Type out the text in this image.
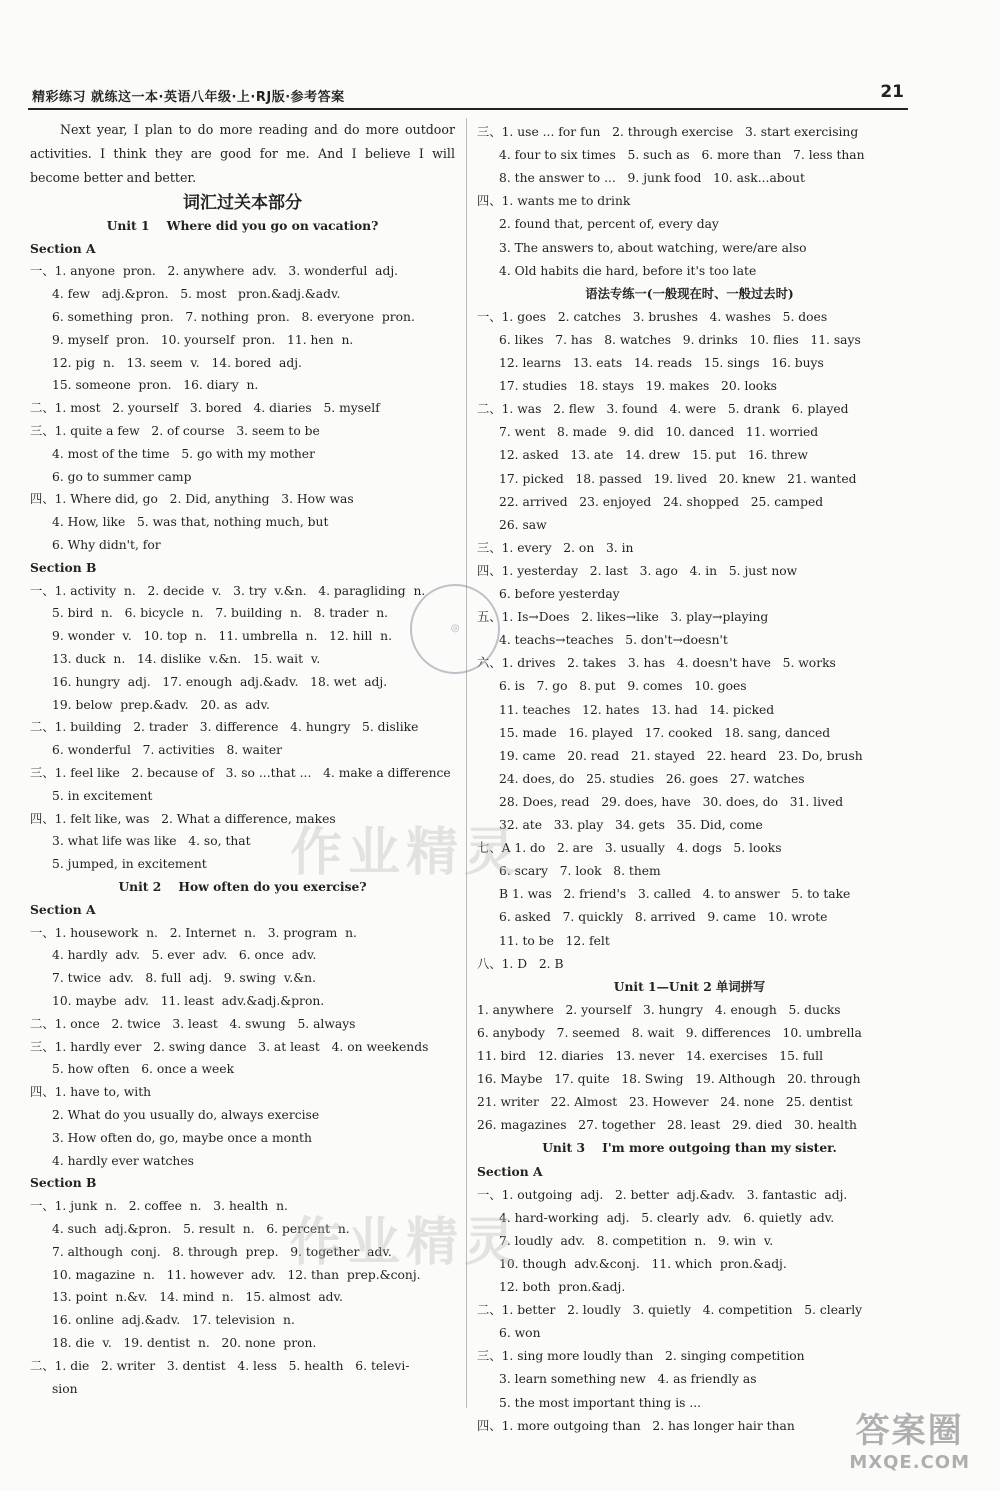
精彩练习 就练这一本·英语八年级·上·RJ版·参考答案	21
Next year, I plan to do more reading and do more outdoor activities. I think they are good for me. And I believe I will become better and better.
词汇过关本部分
Unit 1    Where did you go on vacation?
Section A
一、1. anyone  pron.   2. anywhere  adv.   3. wonderful  adj.
4. few   adj.&pron.   5. most   pron.&adj.&adv.
6. something  pron.   7. nothing  pron.   8. everyone  pron.
9. myself  pron.   10. yourself  pron.   11. hen  n.
12. pig  n.   13. seem  v.   14. bored  adj.
15. someone  pron.   16. diary  n.
二、1. most   2. yourself   3. bored   4. diaries   5. myself
三、1. quite a few   2. of course   3. seem to be
4. most of the time   5. go with my mother
6. go to summer camp
四、1. Where did, go   2. Did, anything   3. How was
4. How, like   5. was that, nothing much, but
6. Why didn't, for
Section B
一、1. activity  n.   2. decide  v.   3. try  v.&n.   4. paragliding  n.
5. bird  n.   6. bicycle  n.   7. building  n.   8. trader  n.
9. wonder  v.   10. top  n.   11. umbrella  n.   12. hill  n.
13. duck  n.   14. dislike  v.&n.   15. wait  v.
16. hungry  adj.   17. enough  adj.&adv.   18. wet  adj.
19. below  prep.&adv.   20. as  adv.
二、1. building   2. trader   3. difference   4. hungry   5. dislike
6. wonderful   7. activities   8. waiter
三、1. feel like   2. because of   3. so ...that ...   4. make a difference
5. in excitement
四、1. felt like, was   2. What a difference, makes
3. what life was like   4. so, that
5. jumped, in excitement
Unit 2    How often do you exercise?
Section A
一、1. housework  n.   2. Internet  n.   3. program  n.
4. hardly  adv.   5. ever  adv.   6. once  adv.
7. twice  adv.   8. full  adj.   9. swing  v.&n.
10. maybe  adv.   11. least  adv.&adj.&pron.
二、1. once   2. twice   3. least   4. swung   5. always
三、1. hardly ever   2. swing dance   3. at least   4. on weekends
5. how often   6. once a week
四、1. have to, with
2. What do you usually do, always exercise
3. How often do, go, maybe once a month
4. hardly ever watches
Section B
一、1. junk  n.   2. coffee  n.   3. health  n.
4. such  adj.&pron.   5. result  n.   6. percent  n.
7. although  conj.   8. through  prep.   9. together  adv.
10. magazine  n.   11. however  adv.   12. than  prep.&conj.
13. point  n.&v.   14. mind  n.   15. almost  adv.
16. online  adj.&adv.   17. television  n.
18. die  v.   19. dentist  n.   20. none  pron.
二、1. die   2. writer   3. dentist   4. less   5. health   6. televi-
sion
三、1. use ... for fun   2. through exercise   3. start exercising
4. four to six times   5. such as   6. more than   7. less than
8. the answer to ...   9. junk food   10. ask...about
四、1. wants me to drink
2. found that, percent of, every day
3. The answers to, about watching, were/are also
4. Old habits die hard, before it's too late
语法专练一(一般现在时、一般过去时)
一、1. goes   2. catches   3. brushes   4. washes   5. does
6. likes   7. has   8. watches   9. drinks   10. flies   11. says
12. learns   13. eats   14. reads   15. sings   16. buys
17. studies   18. stays   19. makes   20. looks
二、1. was   2. flew   3. found   4. were   5. drank   6. played
7. went   8. made   9. did   10. danced   11. worried
12. asked   13. ate   14. drew   15. put   16. threw
17. picked   18. passed   19. lived   20. knew   21. wanted
22. arrived   23. enjoyed   24. shopped   25. camped
26. saw
三、1. every   2. on   3. in
四、1. yesterday   2. last   3. ago   4. in   5. just now
6. before yesterday
五、1. Is→Does   2. likes→like   3. play→playing
4. teachs→teaches   5. don't→doesn't
六、1. drives   2. takes   3. has   4. doesn't have   5. works
6. is   7. go   8. put   9. comes   10. goes
11. teaches   12. hates   13. had   14. picked
15. made   16. played   17. cooked   18. sang, danced
19. came   20. read   21. stayed   22. heard   23. Do, brush
24. does, do   25. studies   26. goes   27. watches
28. Does, read   29. does, have   30. does, do   31. lived
32. ate   33. play   34. gets   35. Did, come
七、A 1. do   2. are   3. usually   4. dogs   5. looks
6. scary   7. look   8. them
B 1. was   2. friend's   3. called   4. to answer   5. to take
6. asked   7. quickly   8. arrived   9. came   10. wrote
11. to be   12. felt
八、1. D   2. B
Unit 1—Unit 2 单词拼写
1. anywhere   2. yourself   3. hungry   4. enough   5. ducks
6. anybody   7. seemed   8. wait   9. differences   10. umbrella
11. bird   12. diaries   13. never   14. exercises   15. full
16. Maybe   17. quite   18. Swing   19. Although   20. through
21. writer   22. Almost   23. However   24. none   25. dentist
26. magazines   27. together   28. least   29. died   30. health
Unit 3    I'm more outgoing than my sister.
Section A
一、1. outgoing  adj.   2. better  adj.&adv.   3. fantastic  adj.
4. hard-working  adj.   5. clearly  adv.   6. quietly  adv.
7. loudly  adv.   8. competition  n.   9. win  v.
10. though  adv.&conj.   11. which  pron.&adj.
12. both  pron.&adj.
二、1. better   2. loudly   3. quietly   4. competition   5. clearly
6. won
三、1. sing more loudly than   2. singing competition
3. learn something new   4. as friendly as
5. the most important thing is ...
四、1. more outgoing than   2. has longer hair than
◎
作业精灵
作业精灵
答案圈
MXQE.COM
